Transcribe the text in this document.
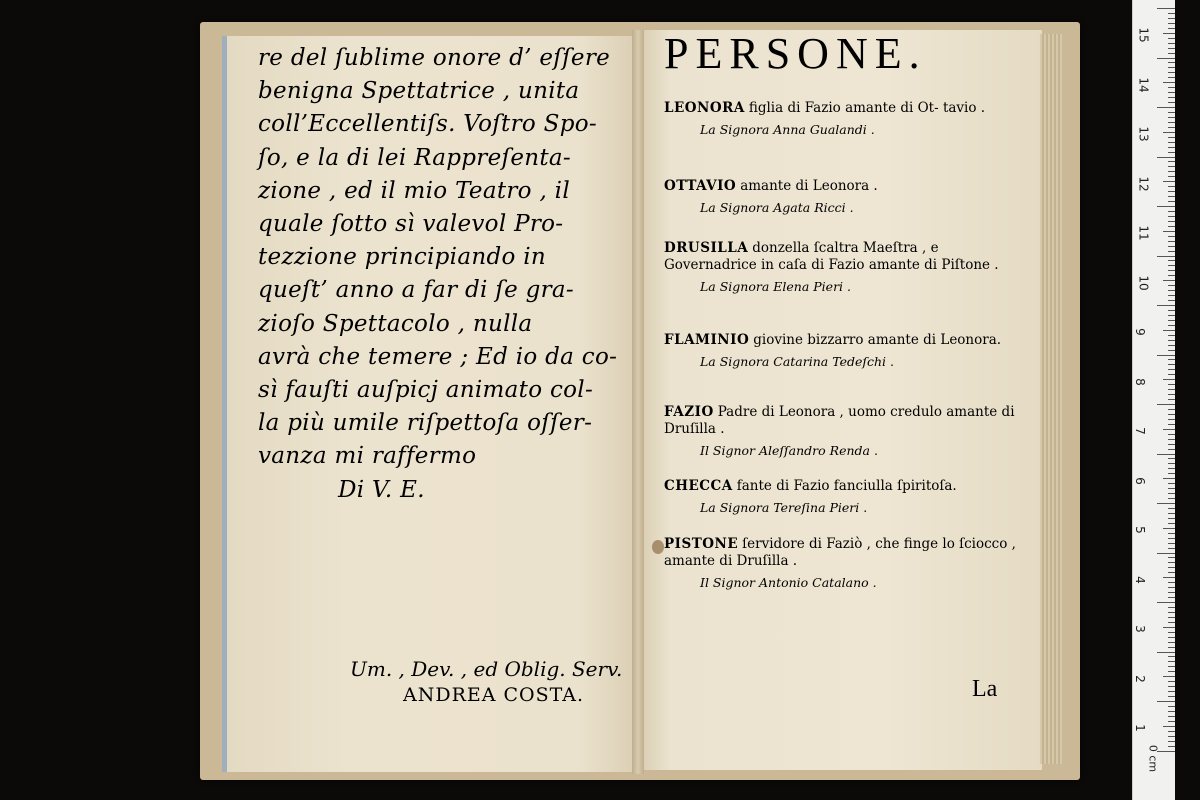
re del ſublime onore d’ eſſere
benigna Spettatrice , unita
coll’Eccellentiſs. Voſtro Spo-
ſo, e la di lei Rappreſenta-
zione , ed il mio Teatro , il
quale ſotto sì valevol Pro-
tezzione principiando in
queſt’ anno a far di ſe gra-
zioſo Spettacolo , nulla
avrà che temere ; Ed io da co-
sì fauſti auſpicj animato col-
la più umile riſpettoſa oſſer-
vanza mi raffermo
Di V. E.
Um. , Dev. , ed Oblig. Serv.
ANDREA COSTA.
PERSONE.
LEONORA figlia di Fazio amante di Ot- tavio .
La Signora Anna Gualandi .
OTTAVIO amante di Leonora .
La Signora Agata Ricci .
DRUSILLA donzella ſcaltra Maeſtra , e Governadrice in caſa di Fazio amante di Piſtone .
La Signora Elena Pieri .
FLAMINIO giovine bizzarro amante di Leonora.
La Signora Catarina Tedeſchi .
FAZIO Padre di Leonora , uomo credulo amante di Druſilla .
Il Signor Aleſſandro Renda .
CHECCA fante di Fazio fanciulla ſpiritoſa.
La Signora Tereſina Pieri .
PISTONE ſervidore di Faziò , che finge lo ſciocco , amante di Druſilla .
Il Signor Antonio Catalano .
La
15
14
13
12
11
10
9
8
7
6
5
4
3
2
1
0 cm
